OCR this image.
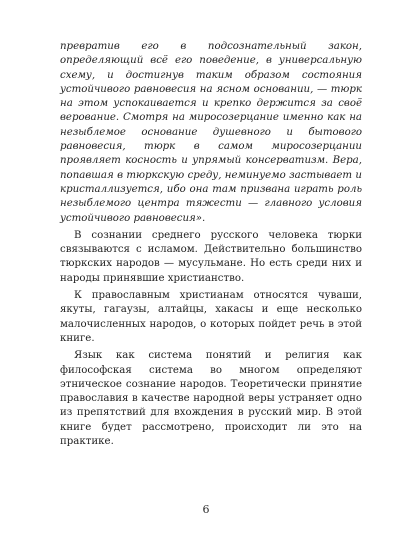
превратив его в подсознательный закон, определяющий всё его поведение, в универсальную схему, и достигнув таким образом состояния устойчивого равновесия на ясном основании, — тюрк на этом успокаивается и крепко держится за своё верование. Смотря на миросозерцание именно как на незыблемое основание душевного и бытового равновесия, тюрк в самом миросозерцании проявляет косность и упрямый консерватизм. Вера, попавшая в тюркскую среду, неминуемо застывает и кристаллизуется, ибо она там призвана играть роль незыблемого центра тяжести — главного условия устойчивого равновесия».

В сознании среднего русского человека тюрки связываются с исламом. Действительно большинство тюркских народов — мусульмане. Но есть среди них и народы принявшие христианство.

К православным христианам относятся чуваши, якуты, гагаузы, алтайцы, хакасы и еще несколько малочисленных народов, о которых пойдет речь в этой книге.

Язык как система понятий и религия как философская система во многом определяют этническое сознание народов. Теоретически принятие православия в качестве народной веры устраняет одно из препятствий для вхождения в русский мир. В этой книге будет рассмотрено, происходит ли это на практике.

6
